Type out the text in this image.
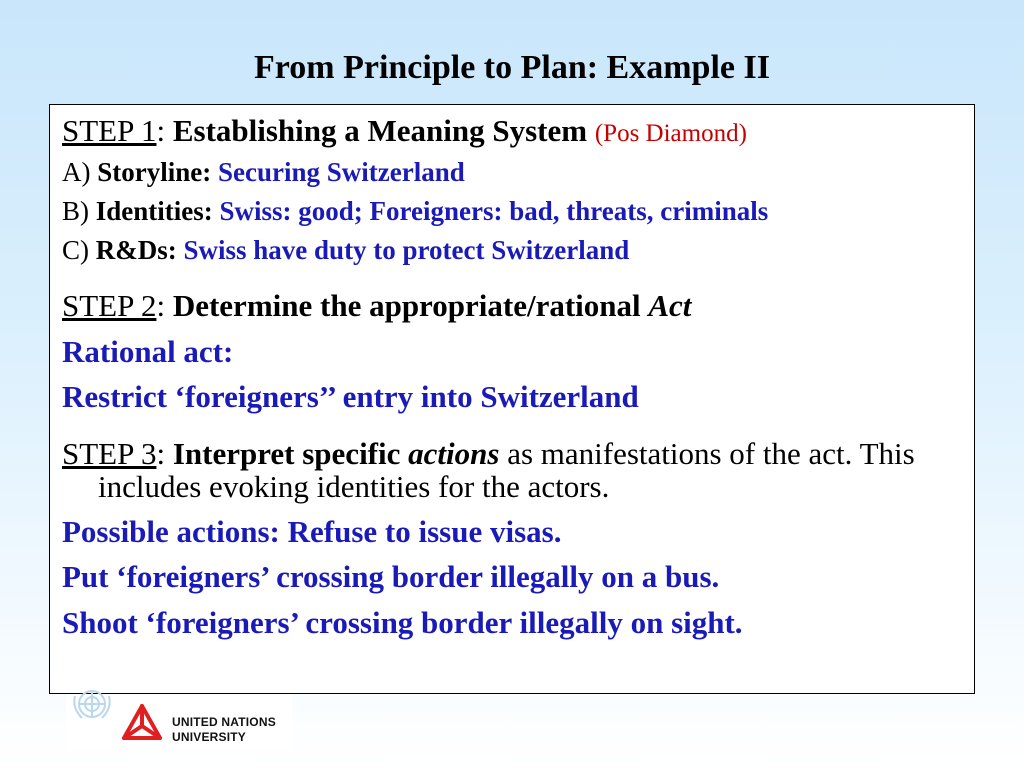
From Principle to Plan: Example II
STEP 1: Establishing a Meaning System (Pos Diamond)
A) Storyline: Securing Switzerland
B) Identities: Swiss: good; Foreigners: bad, threats, criminals
C) R&Ds: Swiss have duty to protect Switzerland
STEP 2: Determine the appropriate/rational Act
Rational act:
Restrict ‘foreigners’’ entry into Switzerland
STEP 3: Interpret specific actions as manifestations of the act. This includes evoking identities for the actors.
Possible actions: Refuse to issue visas.
Put ‘foreigners’ crossing border illegally on a bus.
Shoot ‘foreigners’ crossing border illegally on sight.
UNITED NATIONS
UNIVERSITY
